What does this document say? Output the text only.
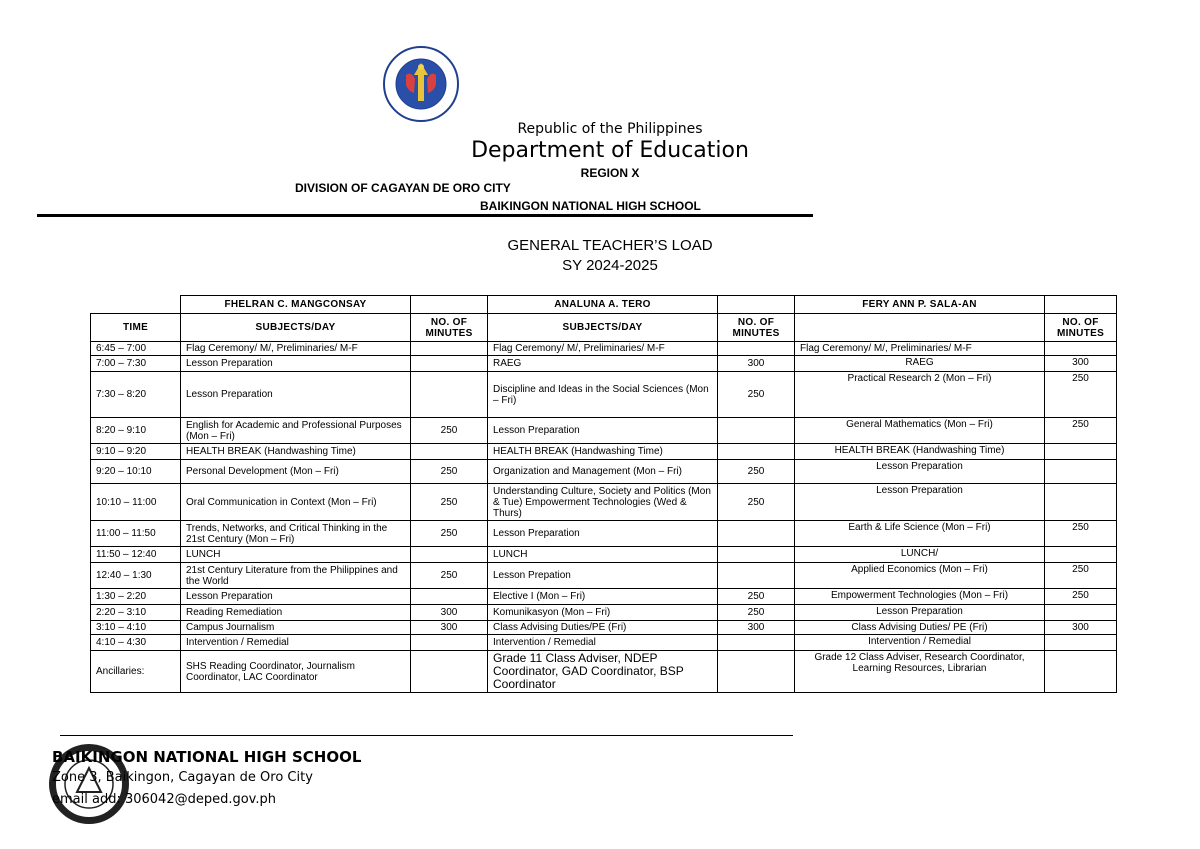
Republic of the Philippines
Department of Education
REGION X
DIVISION OF CAGAYAN DE ORO CITY
BAIKINGON NATIONAL HIGH SCHOOL
GENERAL TEACHER’S LOAD
SY 2024-2025
	FHELRAN C. MANGCONSAY		ANALUNA A. TERO		FERY ANN P. SALA-AN	
TIME	SUBJECTS/DAY	NO. OF MINUTES	SUBJECTS/DAY	NO. OF MINUTES		NO. OF MINUTES
6:45 – 7:00	Flag Ceremony/ M/, Preliminaries/ M-F		Flag Ceremony/ M/, Preliminaries/ M-F		Flag Ceremony/ M/, Preliminaries/ M-F	
7:00 – 7:30	Lesson Preparation		RAEG	300	RAEG	300
7:30 – 8:20	Lesson Preparation		Discipline and Ideas in the Social Sciences (Mon – Fri)	250	Practical Research 2 (Mon – Fri)	250
8:20 – 9:10	English for Academic and Professional Purposes (Mon – Fri)	250	Lesson Preparation		General Mathematics (Mon – Fri)	250
9:10 – 9:20	HEALTH BREAK (Handwashing Time)		HEALTH BREAK (Handwashing Time)		HEALTH BREAK (Handwashing Time)	
9:20 – 10:10	Personal Development (Mon – Fri)	250	Organization and Management (Mon – Fri)	250	Lesson Preparation	
10:10 – 11:00	Oral Communication in Context (Mon – Fri)	250	Understanding Culture, Society and Politics (Mon & Tue) Empowerment Technologies (Wed & Thurs)	250	Lesson Preparation	
11:00 – 11:50	Trends, Networks, and Critical Thinking in the 21st Century (Mon – Fri)	250	Lesson Preparation		Earth & Life Science (Mon – Fri)	250
11:50 – 12:40	LUNCH		LUNCH		LUNCH/	
12:40 – 1:30	21st Century Literature from the Philippines and the World	250	Lesson Prepation		Applied Economics (Mon – Fri)	250
1:30 – 2:20	Lesson Preparation		Elective I (Mon – Fri)	250	Empowerment Technologies (Mon – Fri)	250
2:20 – 3:10	Reading Remediation	300	Komunikasyon (Mon – Fri)	250	Lesson Preparation	
3:10 – 4:10	Campus Journalism	300	Class Advising Duties/PE (Fri)	300	Class Advising Duties/ PE (Fri)	300
4:10 – 4:30	Intervention / Remedial		Intervention / Remedial		Intervention / Remedial	
Ancillaries:	SHS Reading Coordinator, Journalism Coordinator, LAC Coordinator		Grade 11 Class Adviser, NDEP Coordinator, GAD Coordinator, BSP Coordinator		Grade 12 Class Adviser, Research Coordinator, Learning Resources, Librarian	
BAIKINGON NATIONAL HIGH SCHOOL
Zone 3, Baikingon, Cagayan de Oro City
email add: 306042@deped.gov.ph
